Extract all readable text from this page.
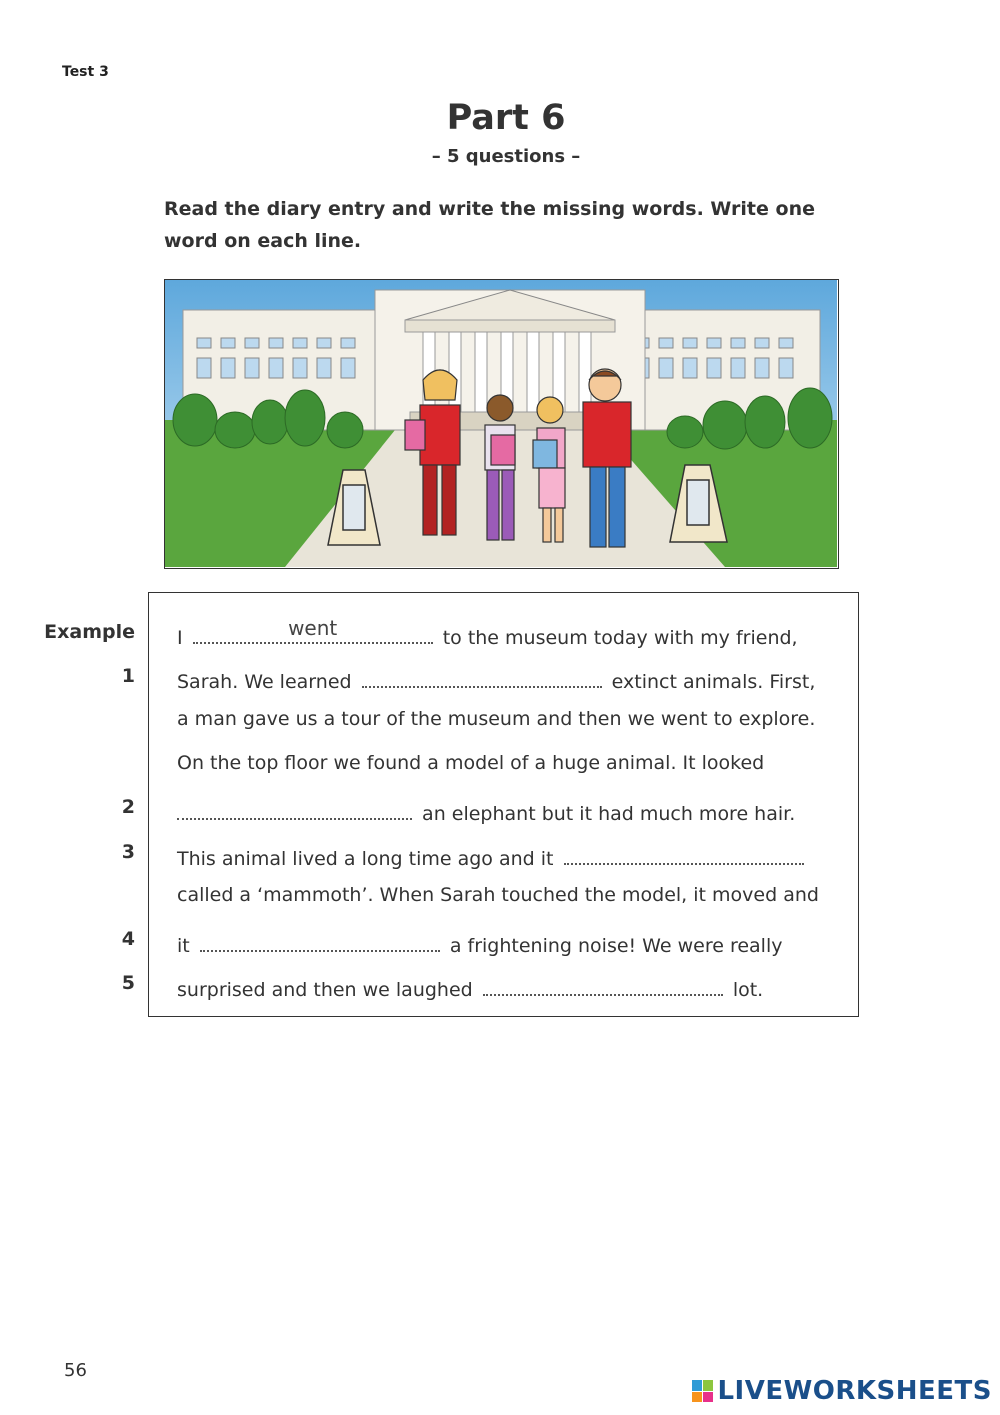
Test 3
Part 6
– 5 questions –
Read the diary entry and write the missing words. Write one word on each line.
Example
1
2
3
4
5
I	went	to the museum today with my friend,
Sarah. We learned	extinct animals. First,
a man gave us a tour of the museum and then we went to explore.
On the top floor we found a model of a huge animal. It looked
an elephant but it had much more hair.
This animal lived a long time ago and it
called a ‘mammoth’. When Sarah touched the model, it moved and
it	a frightening noise! We were really
surprised and then we laughed	lot.
56
LIVEWORKSHEETS
